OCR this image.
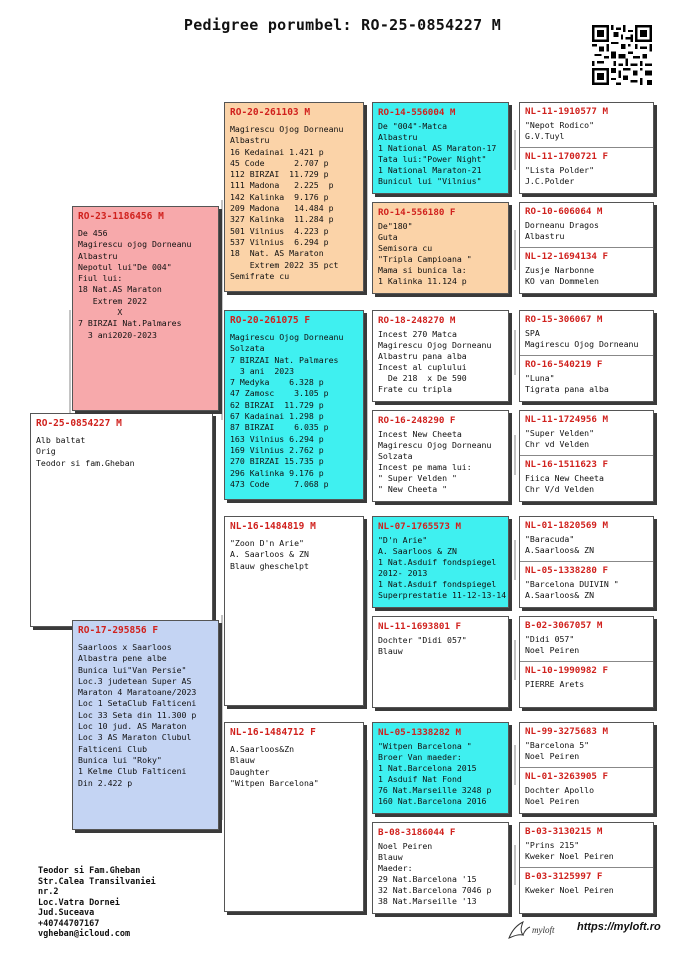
Pedigree porumbel: RO-25-0854227 M
RO-25-0854227 M
Alb baltat
Orig
Teodor si fam.Gheban
RO-23-1186456 M
De 456
Magirescu ojog Dorneanu
Albastru
Nepotul lui"De 004"
Fiul lui:
18 Nat.AS Maraton
Extrem 2022
X
7 BIRZAI Nat.Palmares
3 ani2020-2023
RO-17-295856 F
Saarloos x Saarloos
Albastra pene albe
Bunica lui"Van Persie"
Loc.3 judetean Super AS
Maraton 4 Maratoane/2023
Loc 1 SetaClub Falticeni
Loc 33 Seta din 11.300 p
Loc 10 jud. AS Maraton
Loc 3 AS Maraton Clubul
Falticeni Club
Bunica lui "Roky"
1 Kelme Club Falticeni
Din 2.422 p
RO-20-261103 M
Magirescu Ojog Dorneanu
Albastru
16 Kedainai 1.421 p
45 Code      2.707 p
112 BIRZAI  11.729 p
111 Madona   2.225  p
142 Kalinka  9.176 p
209 Madona   14.484 p
327 Kalinka  11.284 p
501 Vilnius  4.223 p
537 Vilnius  6.294 p
18  Nat. AS Maraton
Extrem 2022 35 pct
Semifrate cu
RO-20-261075 F
Magirescu Ojog Dorneanu
Solzata
7 BIRZAI Nat. Palmares
3 ani  2023
7 Medyka    6.328 p
47 Zamosc    3.105 p
62 BIRZAI  11.729 p
67 Kadainai 1.298 p
87 BIRZAI    6.035 p
163 Vilnius 6.294 p
169 Vilnius 2.762 p
270 BIRZAI 15.735 p
296 Kalinka 9.176 p
473 Code     7.068 p
NL-16-1484819 M
"Zoon D'n Arie"
A. Saarloos & ZN
Blauw gheschelpt
NL-16-1484712 F
A.Saarloos&Zn
Blauw
Daughter
"Witpen Barcelona"
RO-14-556004 M
De "004"-Matca
Albastru
1 National AS Maraton-17
Tata lui:"Power Night"
1 National Maraton-21
Bunicul lui "Vilnius"
RO-14-556180 F
De"180"
Guta
Semisora cu
"Tripla Campioana "
Mama si bunica la:
1 Kalinka 11.124 p
RO-18-248270 M
Incest 270 Matca
Magirescu Ojog Dorneanu
Albastru pana alba
Incest al cuplului
De 218  x De 590
Frate cu tripla
RO-16-248290 F
Incest New Cheeta
Magirescu Ojog Dorneanu
Solzata
Incest pe mama lui:
" Super Velden "
" New Cheeta "
NL-07-1765573 M
"D'n Arie"
A. Saarloos & ZN
1 Nat.Asduif fondspiegel
2012- 2013
1 Nat.Asduif fondspiegel
Superprestatie 11-12-13-14
NL-11-1693801 F
Dochter "Didi 057"
Blauw
NL-05-1338282 M
"Witpen Barcelona "
Broer Van maeder:
1 Nat.Barcelona 2015
1 Asduif Nat Fond
76 Nat.Marseille 3248 p
160 Nat.Barcelona 2016
B-08-3186044 F
Noel Peiren
Blauw
Maeder:
29 Nat.Barcelona '15
32 Nat.Barcelona 7046 p
38 Nat.Marseille '13
NL-11-1910577 M
"Nepot Rodico"
G.V.Tuyl
NL-11-1700721 F
"Lista Polder"
J.C.Polder
RO-10-606064 M
Dorneanu Dragos
Albastru
NL-12-1694134 F
Zusje Narbonne
KO van Dommelen
RO-15-306067 M
SPA
Magirescu Ojog Dorneanu
RO-16-540219 F
"Luna"
Tigrata pana alba
NL-11-1724956 M
"Super Velden"
Chr vd Velden
NL-16-1511623 F
Fiica New Cheeta
Chr V/d Velden
NL-01-1820569 M
"Baracuda"
A.Saarloos& ZN
NL-05-1338280 F
"Barcelona DUIVIN "
A.Saarloos& ZN
B-02-3067057 M
"Didi 057"
Noel Peiren
NL-10-1990982 F
PIERRE Arets
NL-99-3275683 M
"Barcelona 5"
Noel Peiren
NL-01-3263905 F
Dochter Apollo
Noel Peiren
B-03-3130215 M
"Prins 215"
Kweker Noel Peiren
B-03-3125997 F
Kweker Noel Peiren
Teodor si Fam.Gheban
Str.Calea Transilvaniei
nr.2
Loc.Vatra Dornei
Jud.Suceava
+40744707167
vgheban@icloud.com	myloft https://myloft.ro
